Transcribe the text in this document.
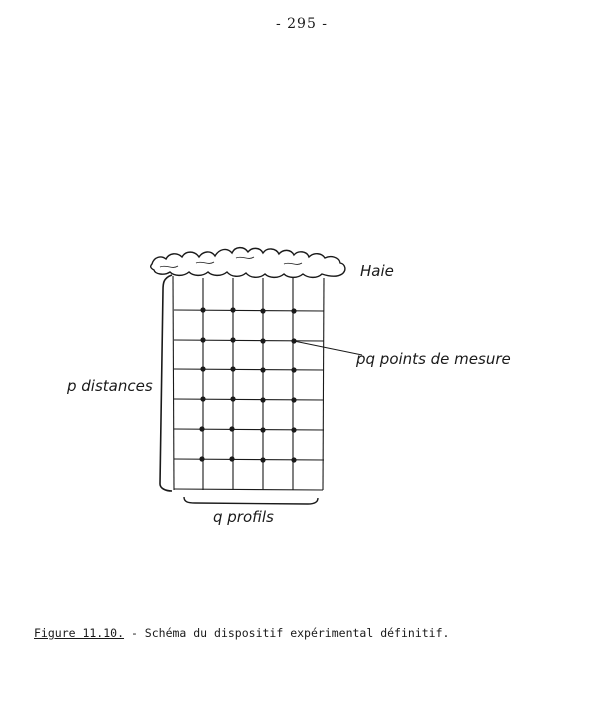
- 295 -
Haie
pq points de mesure
p distances
q profils
Figure 11.10. - Schéma du dispositif expérimental définitif.
